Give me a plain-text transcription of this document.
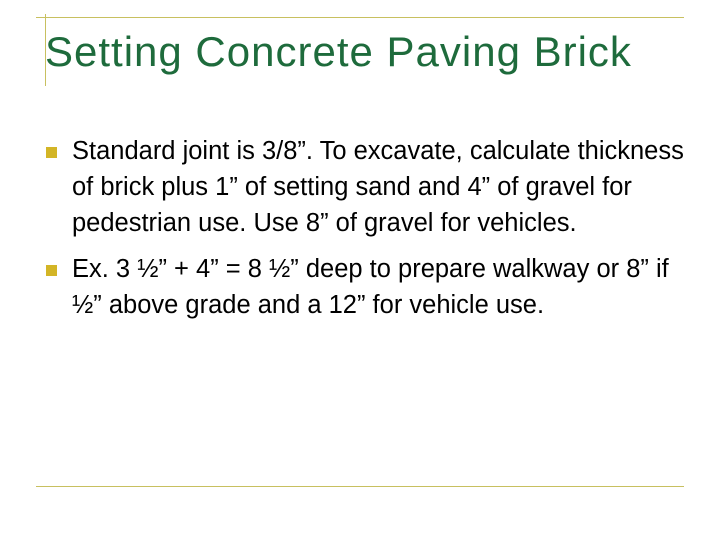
Setting Concrete Paving Brick
Standard joint is 3/8”. To excavate, calculate thickness of brick plus 1” of setting sand and 4” of gravel for pedestrian use. Use 8” of gravel for vehicles.
Ex. 3 ½” + 4” = 8 ½” deep to prepare walkway or 8” if ½” above grade and a 12” for vehicle use.
